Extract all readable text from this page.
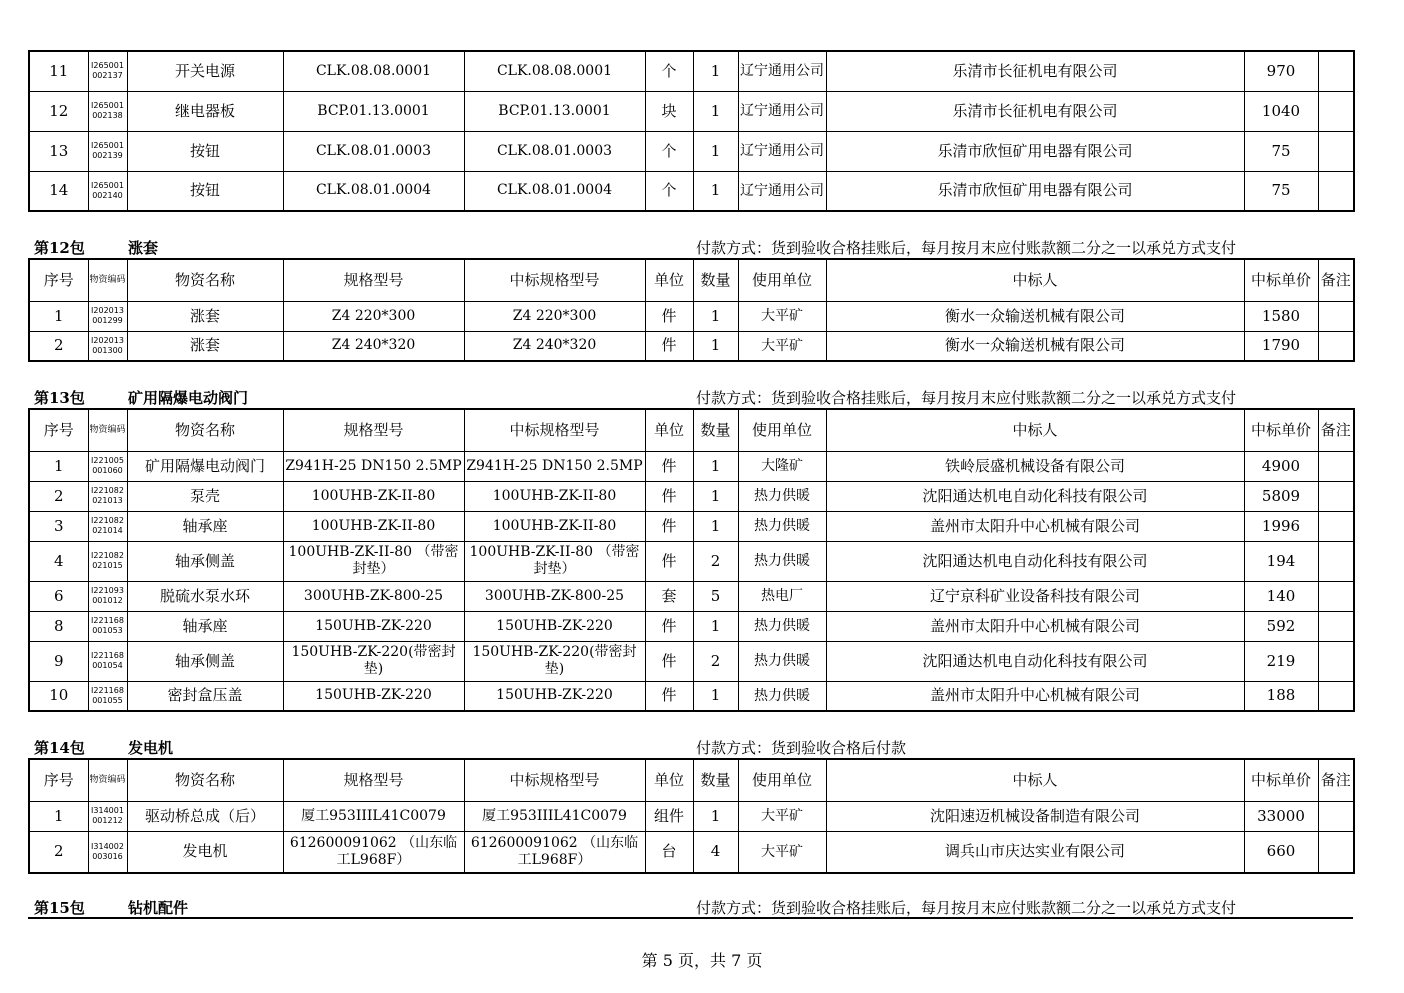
11	I265001 002137	开关电源	CLK.08.08.0001	CLK.08.08.0001	个	1	辽宁通用公司	乐清市长征机电有限公司	970	
12	I265001 002138	继电器板	BCP.01.13.0001	BCP.01.13.0001	块	1	辽宁通用公司	乐清市长征机电有限公司	1040	
13	I265001 002139	按钮	CLK.08.01.0003	CLK.08.01.0003	个	1	辽宁通用公司	乐清市欣恒矿用电器有限公司	75	
14	I265001 002140	按钮	CLK.08.01.0004	CLK.08.01.0004	个	1	辽宁通用公司	乐清市欣恒矿用电器有限公司	75	
第12包	涨套	付款方式：货到验收合格挂账后，每月按月末应付账款额二分之一以承兑方式支付
序号	物资编码	物资名称	规格型号	中标规格型号	单位	数量	使用单位	中标人	中标单价	备注
1	I202013 001299	涨套	Z4 220*300	Z4 220*300	件	1	大平矿	衡水一众输送机械有限公司	1580	
2	I202013 001300	涨套	Z4 240*320	Z4 240*320	件	1	大平矿	衡水一众输送机械有限公司	1790	
第13包	矿用隔爆电动阀门	付款方式：货到验收合格挂账后，每月按月末应付账款额二分之一以承兑方式支付
序号	物资编码	物资名称	规格型号	中标规格型号	单位	数量	使用单位	中标人	中标单价	备注
1	I221005 001060	矿用隔爆电动阀门	Z941H-25 DN150 2.5MP	Z941H-25 DN150 2.5MP	件	1	大隆矿	铁岭辰盛机械设备有限公司	4900	
2	I221082 021013	泵壳	100UHB-ZK-II-80	100UHB-ZK-II-80	件	1	热力供暖	沈阳通达机电自动化科技有限公司	5809	
3	I221082 021014	轴承座	100UHB-ZK-II-80	100UHB-ZK-II-80	件	1	热力供暖	盖州市太阳升中心机械有限公司	1996	
4	I221082 021015	轴承侧盖	100UHB-ZK-II-80 （带密封垫）	100UHB-ZK-II-80 （带密封垫）	件	2	热力供暖	沈阳通达机电自动化科技有限公司	194	
6	I221093 001012	脱硫水泵水环	300UHB-ZK-800-25	300UHB-ZK-800-25	套	5	热电厂	辽宁京科矿业设备科技有限公司	140	
8	I221168 001053	轴承座	150UHB-ZK-220	150UHB-ZK-220	件	1	热力供暖	盖州市太阳升中心机械有限公司	592	
9	I221168 001054	轴承侧盖	150UHB-ZK-220(带密封垫)	150UHB-ZK-220(带密封垫)	件	2	热力供暖	沈阳通达机电自动化科技有限公司	219	
10	I221168 001055	密封盒压盖	150UHB-ZK-220	150UHB-ZK-220	件	1	热力供暖	盖州市太阳升中心机械有限公司	188	
第14包	发电机	付款方式：货到验收合格后付款
序号	物资编码	物资名称	规格型号	中标规格型号	单位	数量	使用单位	中标人	中标单价	备注
1	I314001 001212	驱动桥总成（后）	厦工953IIIL41C0079	厦工953IIIL41C0079	组件	1	大平矿	沈阳速迈机械设备制造有限公司	33000	
2	I314002 003016	发电机	612600091062 （山东临工L968F）	612600091062 （山东临工L968F）	台	4	大平矿	调兵山市庆达实业有限公司	660	
第15包	钻机配件	付款方式：货到验收合格挂账后，每月按月末应付账款额二分之一以承兑方式支付
第 5 页，共 7 页
